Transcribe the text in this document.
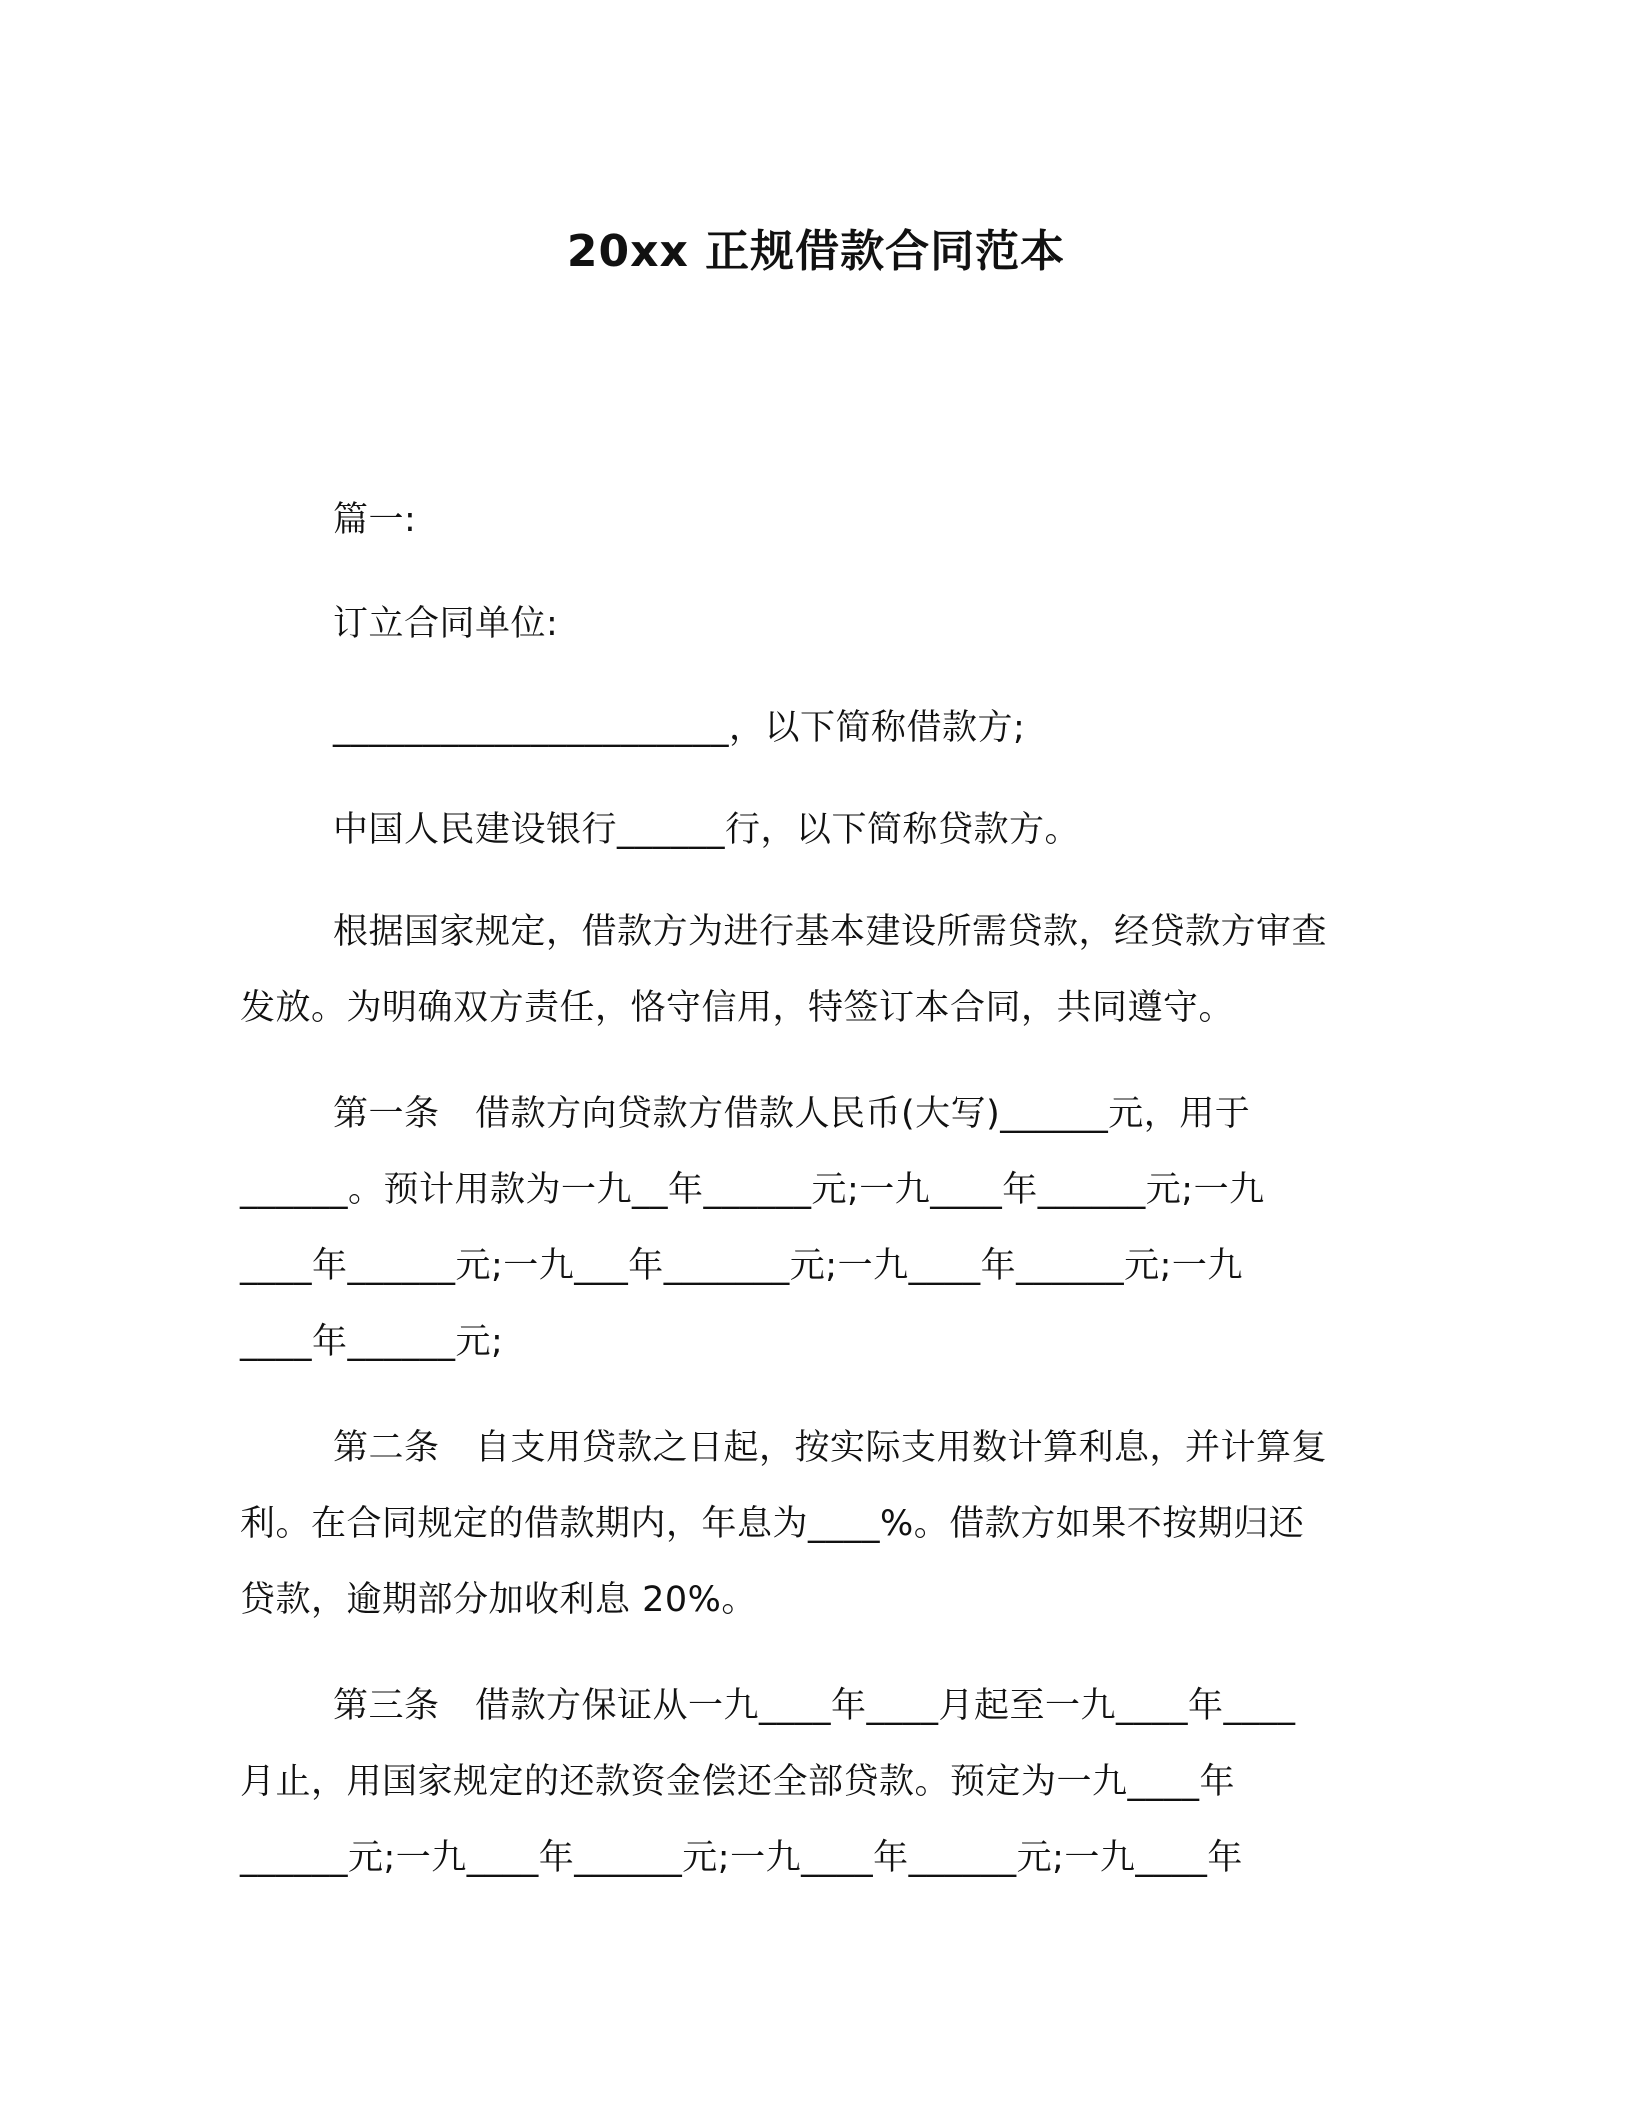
20xx 正规借款合同范本

篇一:

订立合同单位:

______________________，以下简称借款方;

中国人民建设银行______行，以下简称贷款方。

根据国家规定，借款方为进行基本建设所需贷款，经贷款方审查

发放。为明确双方责任，恪守信用，特签订本合同，共同遵守。

第一条　借款方向贷款方借款人民币(大写)______元，用于

______。预计用款为一九__年______元;一九____年______元;一九

____年______元;一九___年_______元;一九____年______元;一九

____年______元;

第二条　自支用贷款之日起，按实际支用数计算利息，并计算复

利。在合同规定的借款期内，年息为____%。借款方如果不按期归还

贷款，逾期部分加收利息 20%。

第三条　借款方保证从一九____年____月起至一九____年____

月止，用国家规定的还款资金偿还全部贷款。预定为一九____年

______元;一九____年______元;一九____年______元;一九____年
